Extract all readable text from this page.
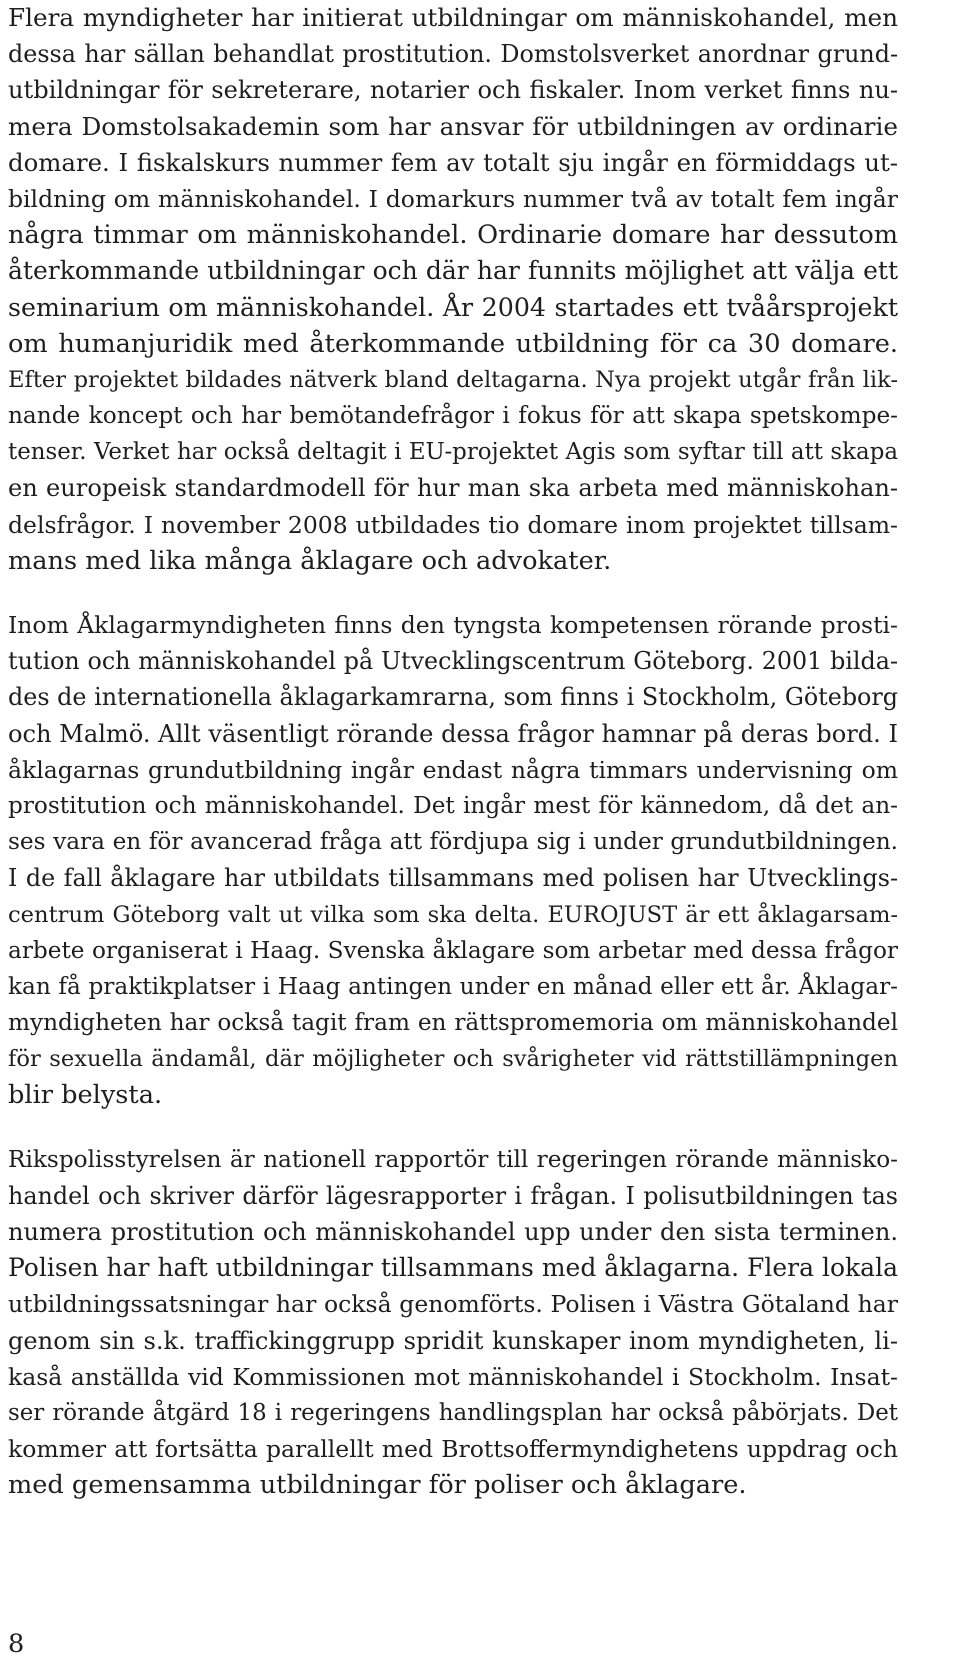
Flera myndigheter har initierat utbildningar om människohandel, men
dessa har sällan behandlat prostitution. Domstolsverket anordnar grund-
utbildningar för sekreterare, notarier och fiskaler. Inom verket finns nu-
mera Domstolsakademin som har ansvar för utbildningen av ordinarie
domare. I fiskalskurs nummer fem av totalt sju ingår en förmiddags ut-
bildning om människohandel. I domarkurs nummer två av totalt fem ingår
några timmar om människohandel. Ordinarie domare har dessutom
återkommande utbildningar och där har funnits möjlighet att välja ett
seminarium om människohandel. År 2004 startades ett tvåårsprojekt
om humanjuridik med återkommande utbildning för ca 30 domare.
Efter projektet bildades nätverk bland deltagarna. Nya projekt utgår från lik-
nande koncept och har bemötandefrågor i fokus för att skapa spetskompe-
tenser. Verket har också deltagit i EU-projektet Agis som syftar till att skapa
en europeisk standardmodell för hur man ska arbeta med människohan-
delsfrågor. I november 2008 utbildades tio domare inom projektet tillsam-
mans med lika många åklagare och advokater.
Inom Åklagarmyndigheten finns den tyngsta kompetensen rörande prosti-
tution och människohandel på Utvecklingscentrum Göteborg. 2001 bilda-
des de internationella åklagarkamrarna, som finns i Stockholm, Göteborg
och Malmö. Allt väsentligt rörande dessa frågor hamnar på deras bord. I
åklagarnas grundutbildning ingår endast några timmars undervisning om
prostitution och människohandel. Det ingår mest för kännedom, då det an-
ses vara en för avancerad fråga att fördjupa sig i under grundutbildningen.
I de fall åklagare har utbildats tillsammans med polisen har Utvecklings-
centrum Göteborg valt ut vilka som ska delta. EUROJUST är ett åklagarsam-
arbete organiserat i Haag. Svenska åklagare som arbetar med dessa frågor
kan få praktikplatser i Haag antingen under en månad eller ett år. Åklagar-
myndigheten har också tagit fram en rättspromemoria om människohandel
för sexuella ändamål, där möjligheter och svårigheter vid rättstillämpningen
blir belysta.
Rikspolisstyrelsen är nationell rapportör till regeringen rörande människo-
handel och skriver därför lägesrapporter i frågan. I polisutbildningen tas
numera prostitution och människohandel upp under den sista terminen.
Polisen har haft utbildningar tillsammans med åklagarna. Flera lokala
utbildningssatsningar har också genomförts. Polisen i Västra Götaland har
genom sin s.k. traffickinggrupp spridit kunskaper inom myndigheten, li-
kaså anställda vid Kommissionen mot människohandel i Stockholm. Insat-
ser rörande åtgärd 18 i regeringens handlingsplan har också påbörjats. Det
kommer att fortsätta parallellt med Brottsoffermyndighetens uppdrag och
med gemensamma utbildningar för poliser och åklagare.
8
